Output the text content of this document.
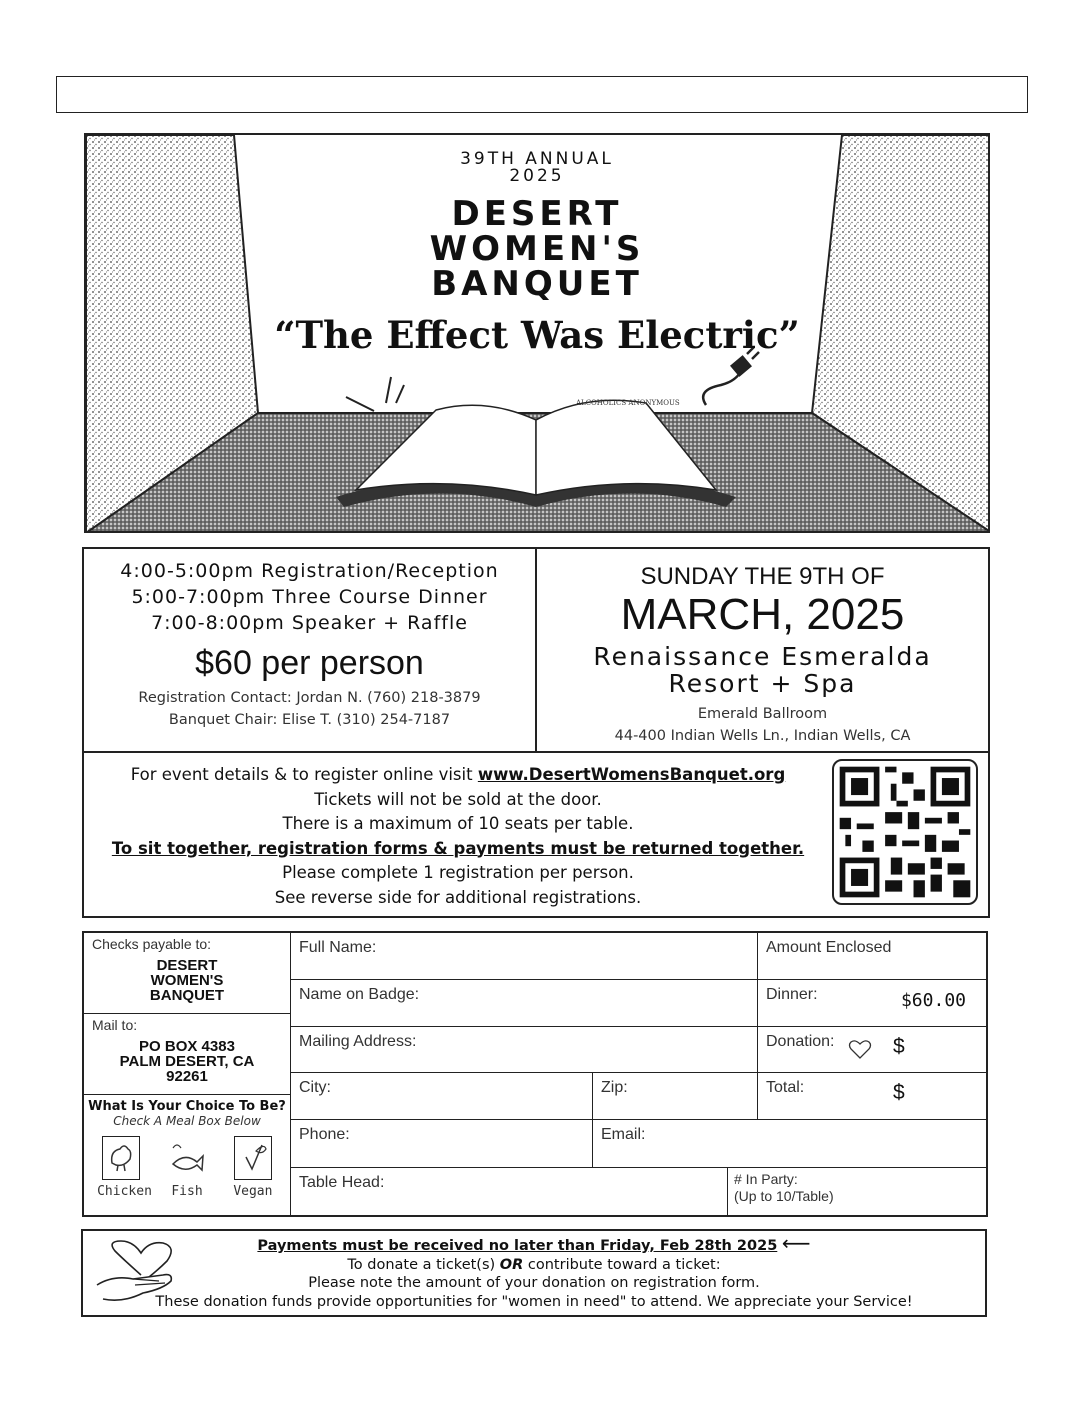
ALCOHOLICS ANONYMOUS
39TH ANNUAL
2025
DESERT
WOMEN'S
BANQUET
“The Effect Was Electric”
4:00-5:00pm Registration/Reception
5:00-7:00pm Three Course Dinner
7:00-8:00pm Speaker + Raffle
$60 per person
Registration Contact: Jordan N. (760) 218-3879
Banquet Chair: Elise T. (310) 254-7187
SUNDAY THE 9TH OF
MARCH, 2025
Renaissance Esmeralda
Resort + Spa
Emerald Ballroom
44-400 Indian Wells Ln., Indian Wells, CA
For event details & to register online visit www.DesertWomensBanquet.org
Tickets will not be sold at the door.
There is a maximum of 10 seats per table.
To sit together, registration forms & payments must be returned together.
Please complete 1 registration per person.
See reverse side for additional registrations.
Checks payable to:
DESERT
WOMEN'S
BANQUET
Mail to:
PO BOX 4383
PALM DESERT, CA
92261
What Is Your Choice To Be?
Check A Meal Box Below
Chicken
	Fish
	Vegan
Full Name:
Name on Badge:
Mailing Address:
City:	Zip:
Phone:	Email:
Table Head:	# In Party:
(Up to 10/Table)
Amount Enclosed
Dinner:	$60.00
Donation:	$
Total:	$
Payments must be received no later than Friday, Feb 28th 2025 ⟵
To donate a ticket(s) OR contribute toward a ticket:
Please note the amount of your donation on registration form.
These donation funds provide opportunities for "women in need" to attend. We appreciate your Service!
